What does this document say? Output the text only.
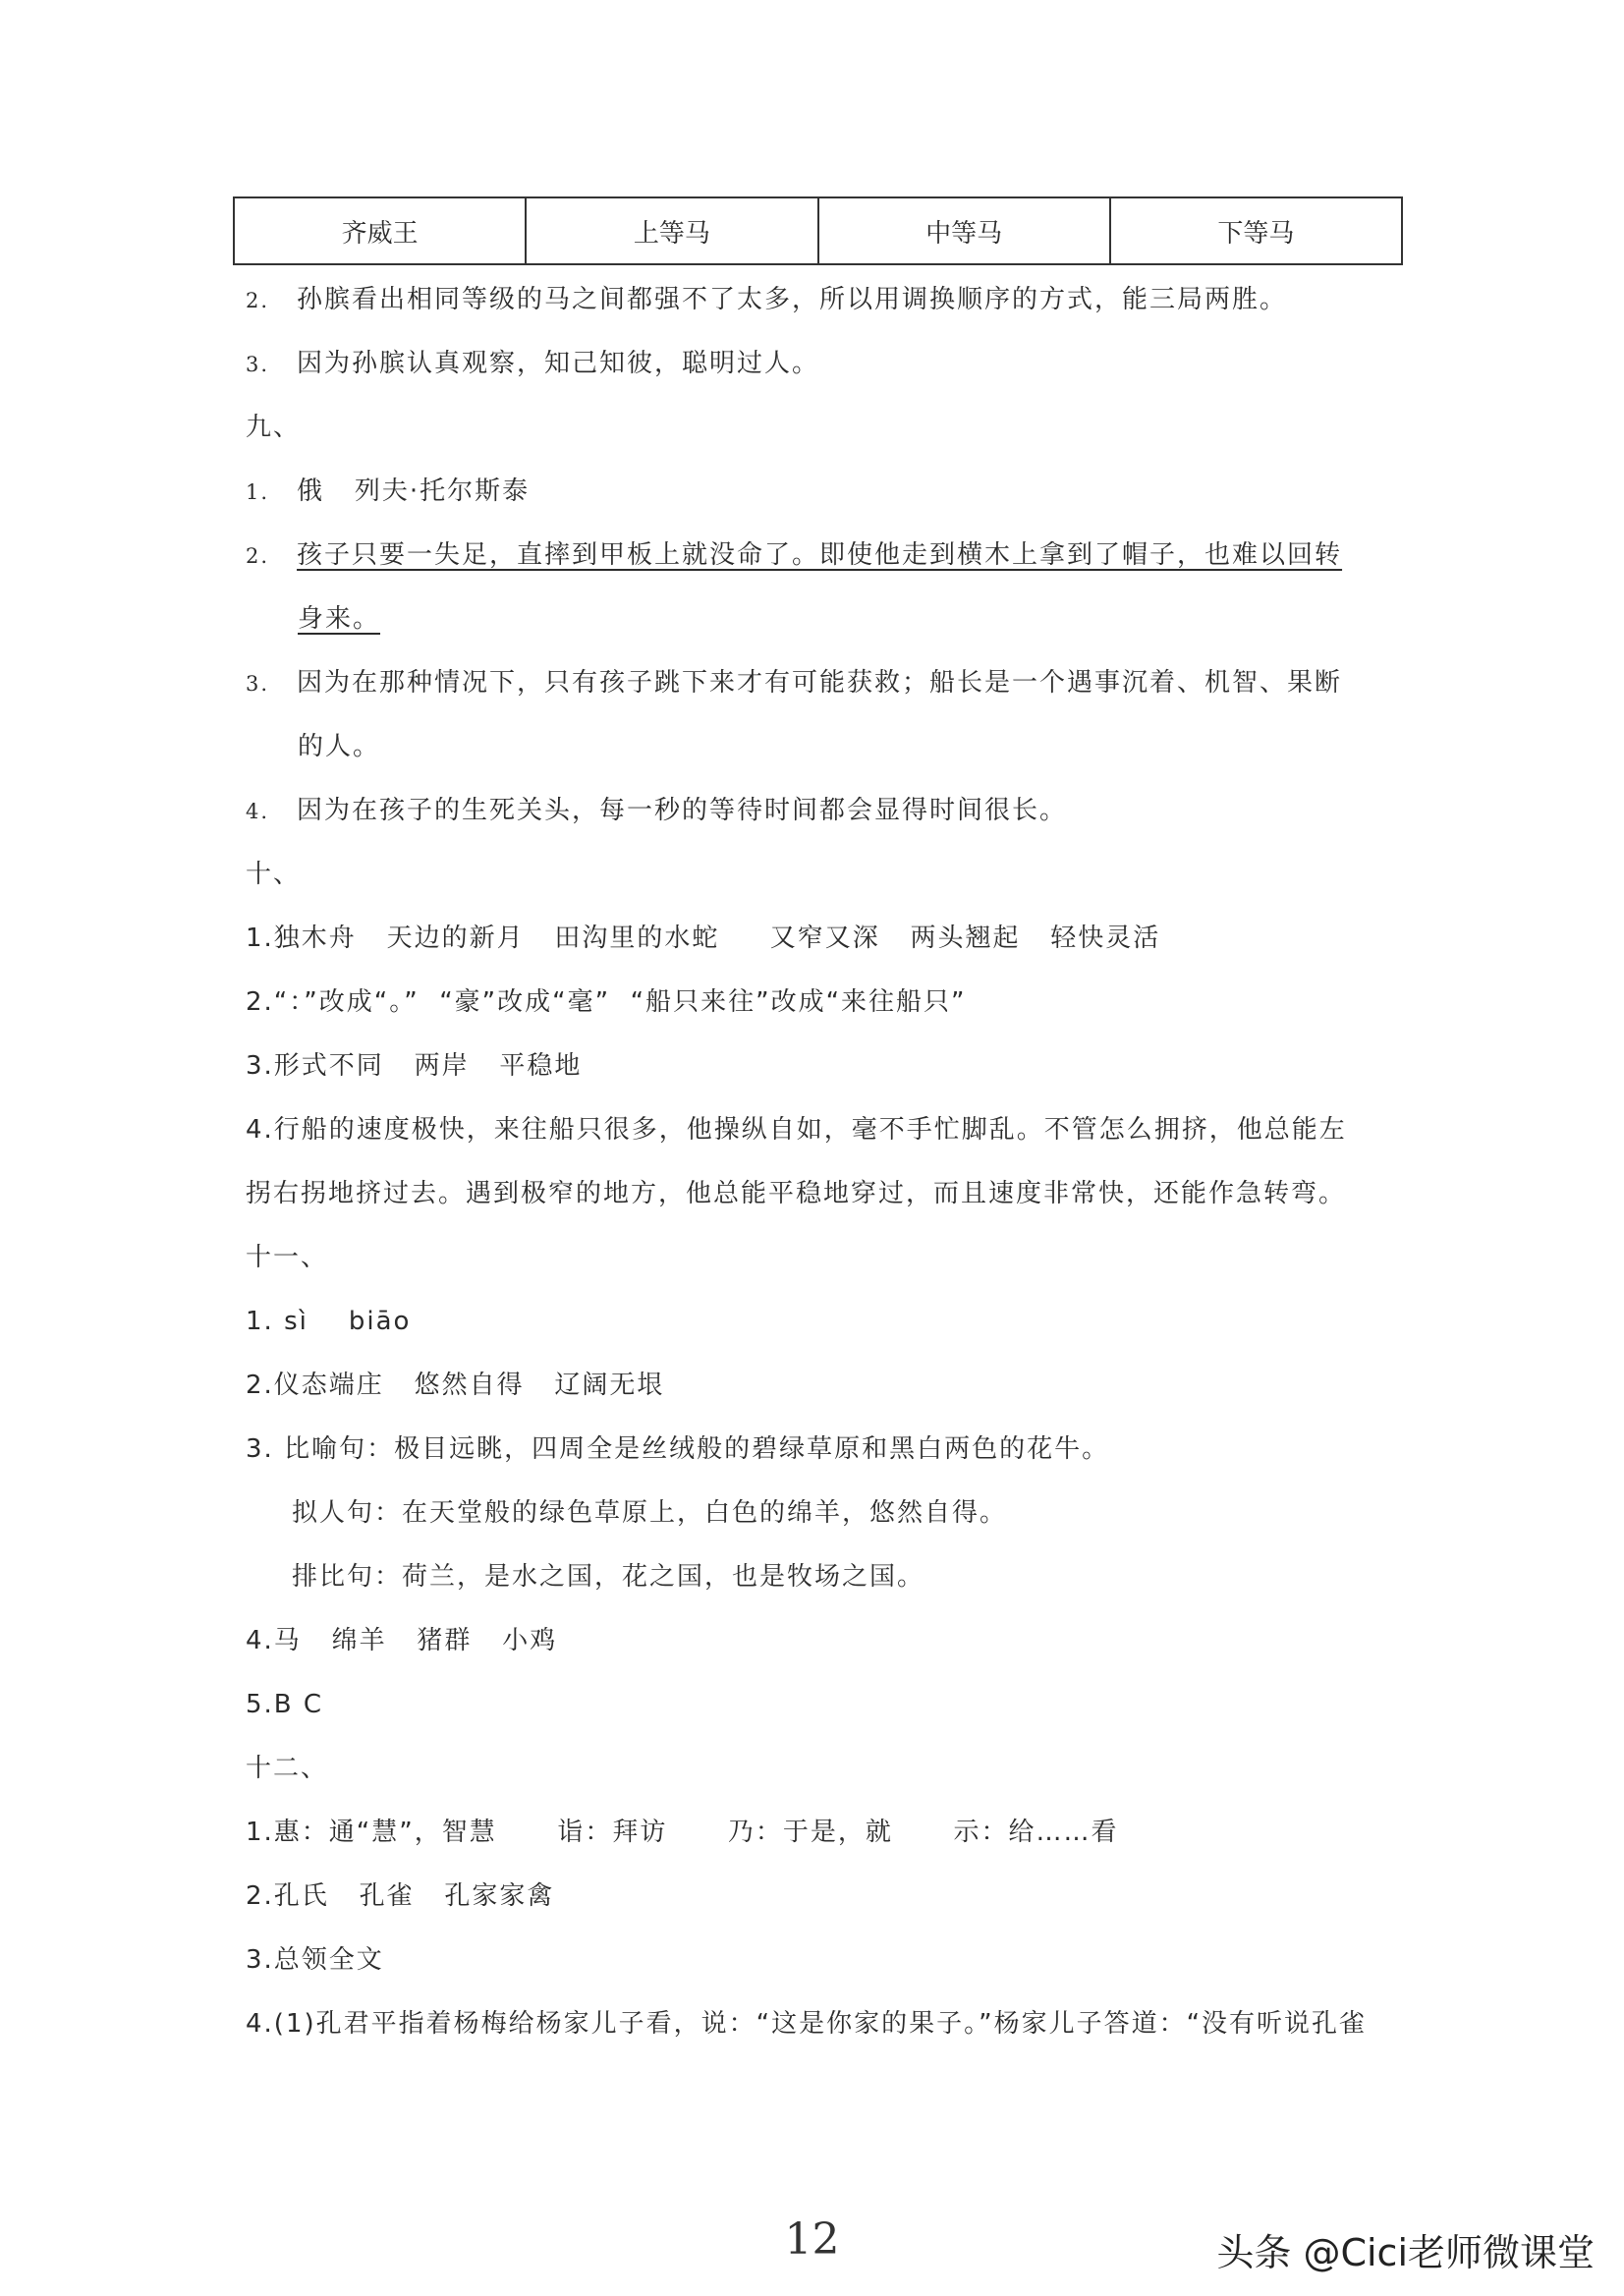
齐威王	上等马	中等马	下等马
2. 孙膑看出相同等级的马之间都强不了太多，所以用调换顺序的方式，能三局两胜。
3. 因为孙膑认真观察，知己知彼，聪明过人。
九、
1. 俄   列夫·托尔斯泰
2. 孩子只要一失足，直摔到甲板上就没命了。即使他走到横木上拿到了帽子，也难以回转
身来。
3. 因为在那种情况下，只有孩子跳下来才有可能获救；船长是一个遇事沉着、机智、果断
的人。
4. 因为在孩子的生死关头，每一秒的等待时间都会显得时间很长。
十、
1.独木舟   天边的新月   田沟里的水蛇     又窄又深   两头翘起   轻快灵活
2.“：”改成“。”  “豪”改成“毫”  “船只来往”改成“来往船只”
3.形式不同   两岸   平稳地
4.行船的速度极快，来往船只很多，他操纵自如，毫不手忙脚乱。不管怎么拥挤，他总能左
拐右拐地挤过去。遇到极窄的地方，他总能平稳地穿过，而且速度非常快，还能作急转弯。
十一、
1. sì    biāo
2.仪态端庄   悠然自得   辽阔无垠
3. 比喻句：极目远眺，四周全是丝绒般的碧绿草原和黑白两色的花牛。
拟人句：在天堂般的绿色草原上，白色的绵羊，悠然自得。
排比句：荷兰，是水之国，花之国，也是牧场之国。
4.马   绵羊   猪群   小鸡
5.B C
十二、
1.惠：通“慧”，智慧      诣：拜访      乃：于是，就      示：给……看
2.孔氏   孔雀   孔家家禽
3.总领全文
4.(1)孔君平指着杨梅给杨家儿子看，说：“这是你家的果子。”杨家儿子答道：“没有听说孔雀
12	头条 @Cici老师微课堂
